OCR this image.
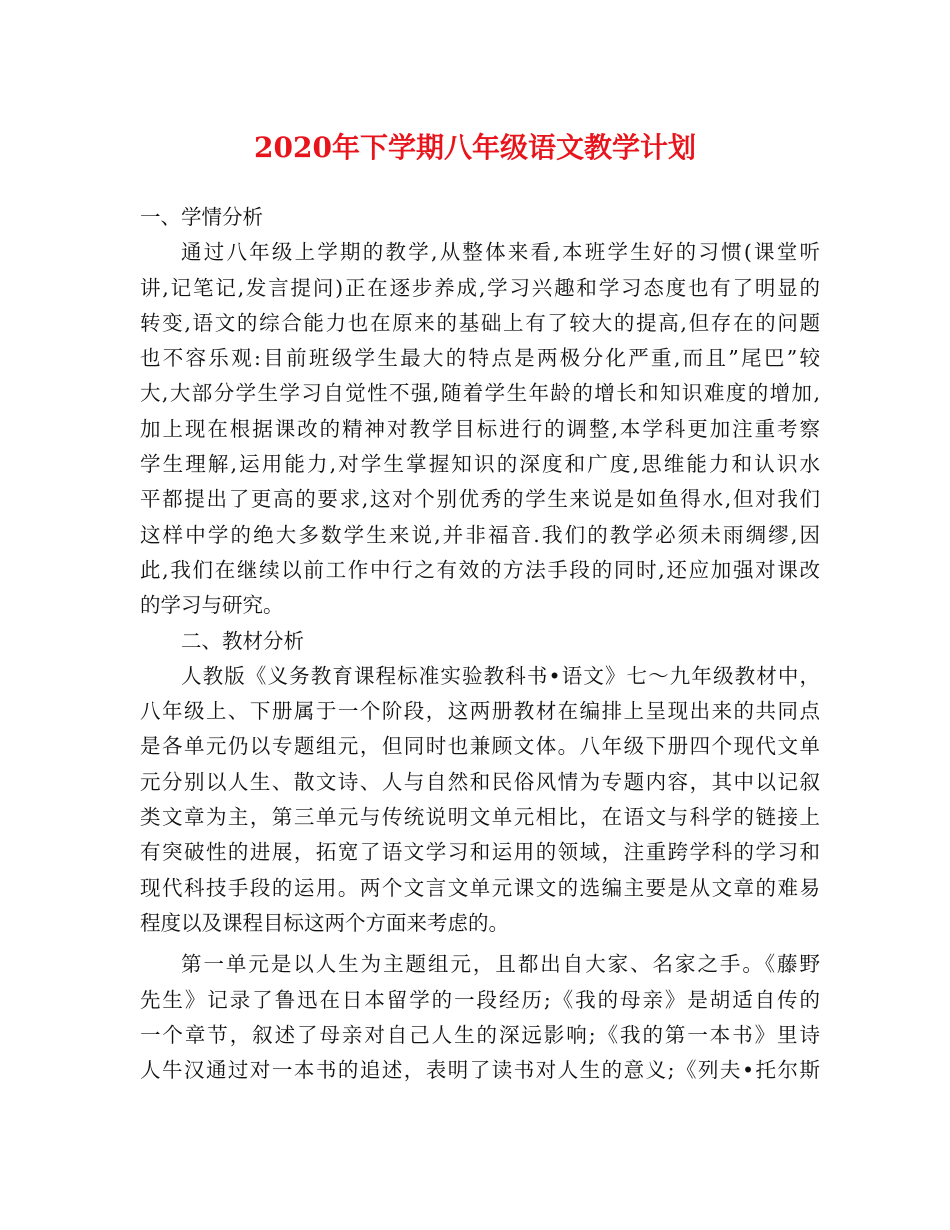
2020年下学期八年级语文教学计划
一、学情分析
通过八年级上学期的教学,从整体来看,本班学生好的习惯(课堂听
讲,记笔记,发言提问)正在逐步养成,学习兴趣和学习态度也有了明显的
转变,语文的综合能力也在原来的基础上有了较大的提高,但存在的问题
也不容乐观:目前班级学生最大的特点是两极分化严重,而且”尾巴”较
大,大部分学生学习自觉性不强,随着学生年龄的增长和知识难度的增加,
加上现在根据课改的精神对教学目标进行的调整,本学科更加注重考察
学生理解,运用能力,对学生掌握知识的深度和广度,思维能力和认识水
平都提出了更高的要求,这对个别优秀的学生来说是如鱼得水,但对我们
这样中学的绝大多数学生来说,并非福音.我们的教学必须未雨绸缪,因
此,我们在继续以前工作中行之有效的方法手段的同时,还应加强对课改
的学习与研究。
二、教材分析
人教版《义务教育课程标准实验教科书•语文》七～九年级教材中，
八年级上、下册属于一个阶段，这两册教材在编排上呈现出来的共同点
是各单元仍以专题组元，但同时也兼顾文体。八年级下册四个现代文单
元分别以人生、散文诗、人与自然和民俗风情为专题内容，其中以记叙
类文章为主，第三单元与传统说明文单元相比，在语文与科学的链接上
有突破性的进展，拓宽了语文学习和运用的领域，注重跨学科的学习和
现代科技手段的运用。两个文言文单元课文的选编主要是从文章的难易
程度以及课程目标这两个方面来考虑的。
第一单元是以人生为主题组元，且都出自大家、名家之手。《藤野
先生》记录了鲁迅在日本留学的一段经历;《我的母亲》是胡适自传的
一个章节，叙述了母亲对自己人生的深远影响;《我的第一本书》里诗
人牛汉通过对一本书的追述，表明了读书对人生的意义;《列夫•托尔斯
